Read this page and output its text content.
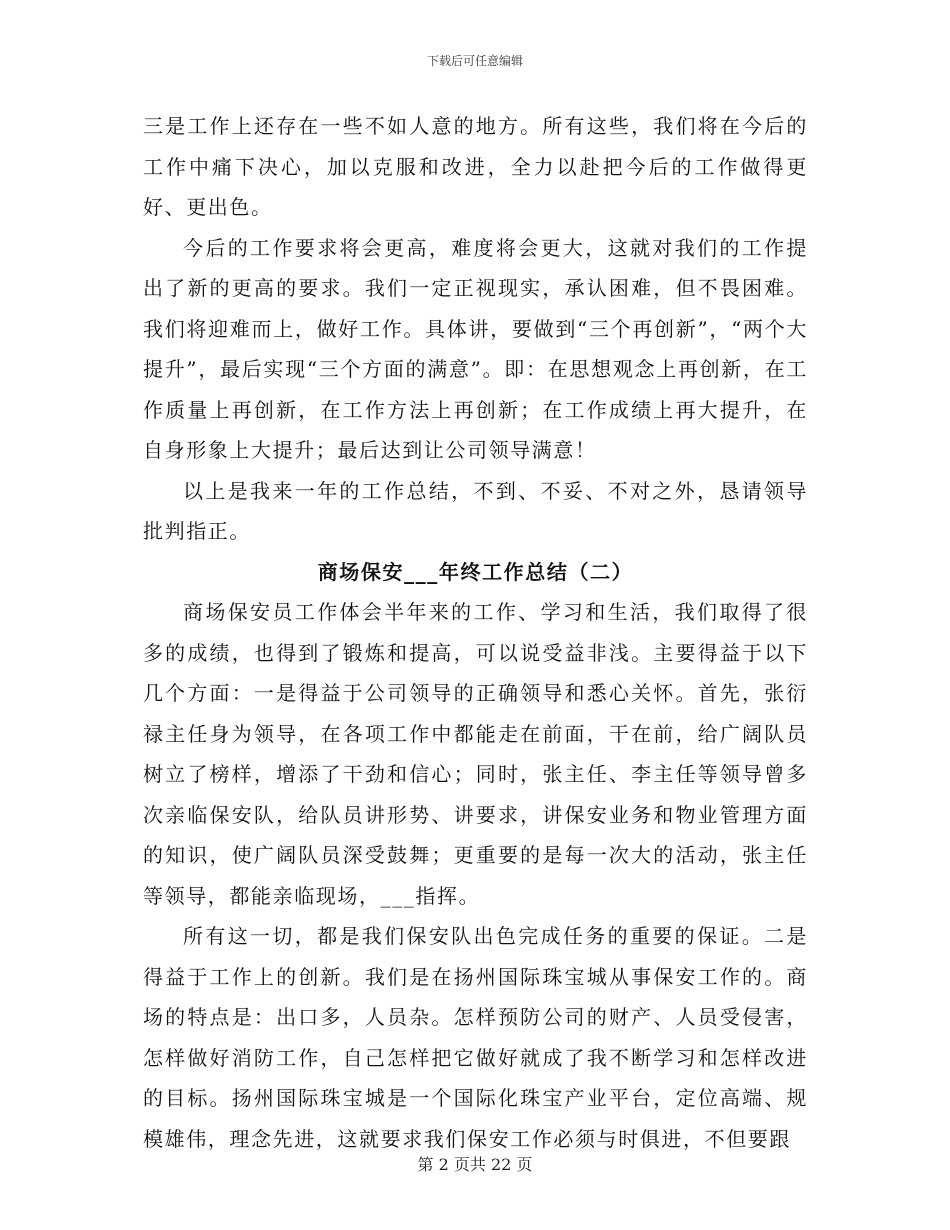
下载后可任意编辑

三是工作上还存在一些不如人意的地方。所有这些，我们将在今后的工作中痛下决心，加以克服和改进，全力以赴把今后的工作做得更好、更出色。

今后的工作要求将会更高，难度将会更大，这就对我们的工作提出了新的更高的要求。我们一定正视现实，承认困难，但不畏困难。我们将迎难而上，做好工作。具体讲，要做到“三个再创新”，“两个大提升”，最后实现“三个方面的满意”。即：在思想观念上再创新，在工作质量上再创新，在工作方法上再创新；在工作成绩上再大提升，在自身形象上大提升；最后达到让公司领导满意！

以上是我来一年的工作总结，不到、不妥、不对之外，恳请领导批判指正。

商场保安___年终工作总结（二）

商场保安员工作体会半年来的工作、学习和生活，我们取得了很多的成绩，也得到了锻炼和提高，可以说受益非浅。主要得益于以下几个方面：一是得益于公司领导的正确领导和悉心关怀。首先，张衍禄主任身为领导，在各项工作中都能走在前面，干在前，给广阔队员树立了榜样，增添了干劲和信心；同时，张主任、李主任等领导曾多次亲临保安队，给队员讲形势、讲要求，讲保安业务和物业管理方面的知识，使广阔队员深受鼓舞；更重要的是每一次大的活动，张主任等领导，都能亲临现场，___指挥。

所有这一切，都是我们保安队出色完成任务的重要的保证。二是得益于工作上的创新。我们是在扬州国际珠宝城从事保安工作的。商场的特点是：出口多，人员杂。怎样预防公司的财产、人员受侵害，怎样做好消防工作，自己怎样把它做好就成了我不断学习和怎样改进的目标。扬州国际珠宝城是一个国际化珠宝产业平台，定位高端、规模雄伟，理念先进，这就要求我们保安工作必须与时俱进，不但要跟

第 2 页共 22 页
